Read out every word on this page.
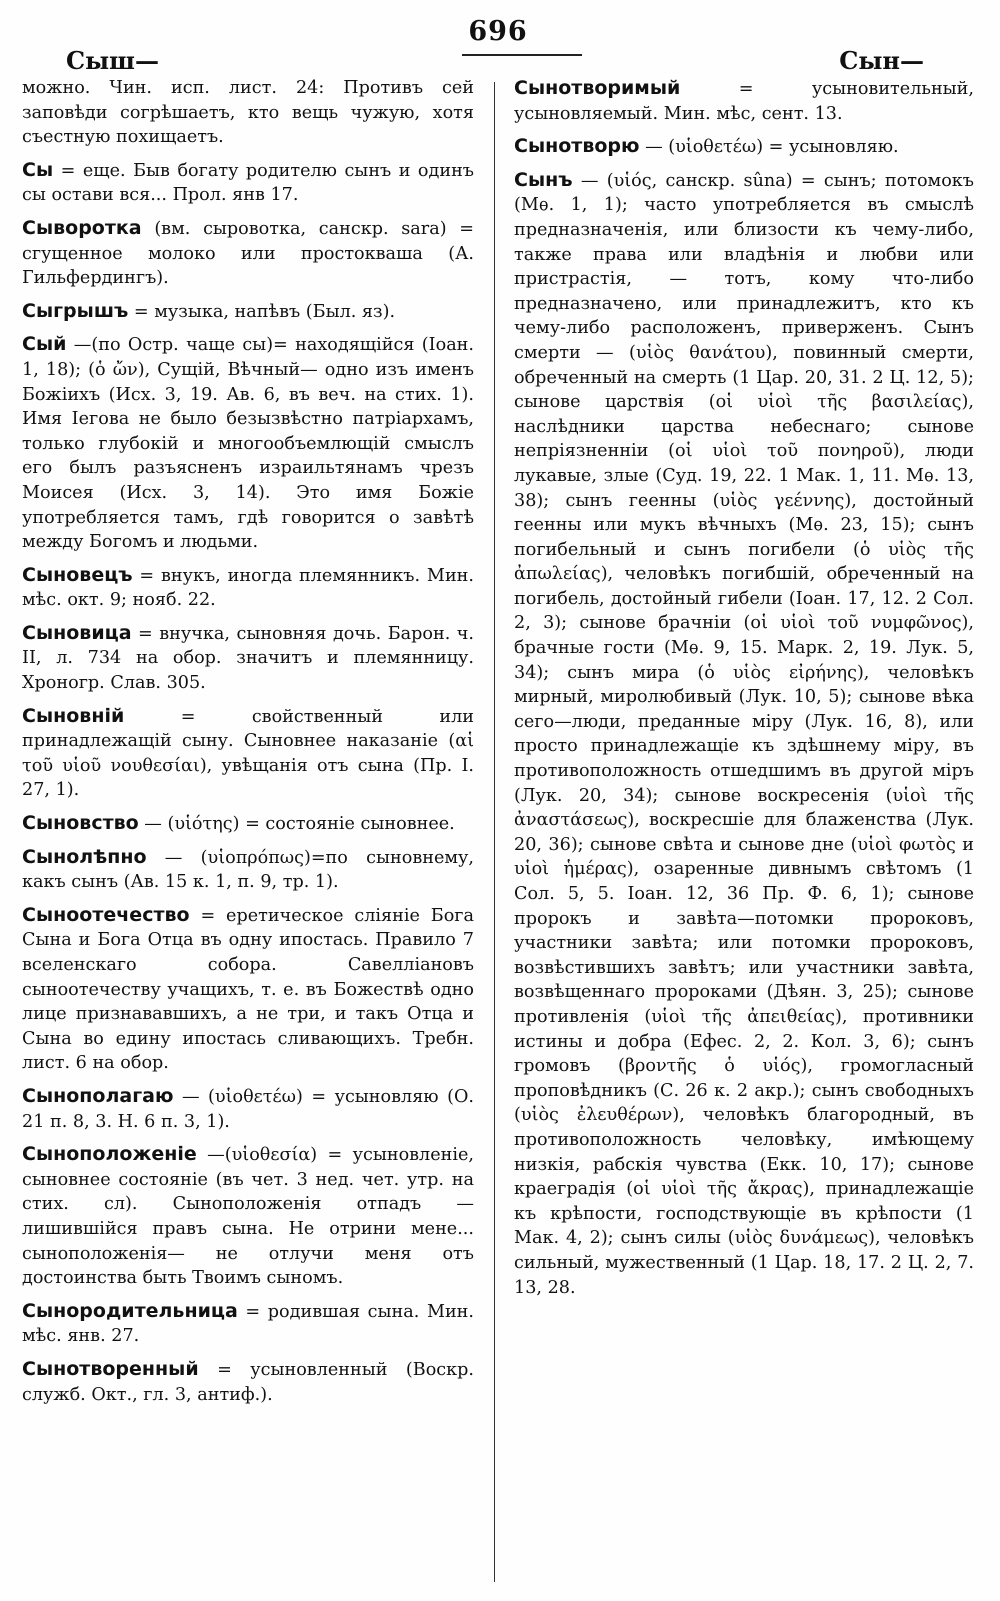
696
Сыш—	Сын—

можно. Чин. исп. лист. 24: Противъ сей заповѣди согрѣшаетъ, кто вещь чужую, хотя съестную похищаетъ.

Сы = еще. Быв богату родителю сынъ и одинъ сы остави вся... Прол. янв 17.

Сыворотка (вм. сыровотка, санскр. sara) = сгущенное молоко или простокваша (А. Гильфердингъ).

Сыгрышъ = музыка, напѣвъ (Был. яз).

Сый —(по Остр. чаще сы)= находящійся (Іоан. 1, 18); (ὁ ὤν), Сущій, Вѣчный— одно изъ именъ Божіихъ (Исх. 3, 19. Ав. 6, въ веч. на стих. 1). Имя Іегова не было безызвѣстно патріархамъ, только глубокій и многообъемлющій смыслъ его былъ разъясненъ израильтянамъ чрезъ Моисея (Исх. 3, 14). Это имя Божіе употребляется тамъ, гдѣ говорится о завѣтѣ между Богомъ и людьми.

Сыновецъ = внукъ, иногда племянникъ. Мин. мѣс. окт. 9; нояб. 22.

Сыновица = внучка, сыновняя дочь. Барон. ч. II, л. 734 на обор. значитъ и племянницу. Хроногр. Слав. 305.

Сыновній	= свойственный или принадлежащій сыну. Сыновнее наказаніе (αἱ τοῦ υἱοῦ νουθεσίαι), увѣщанія отъ сына (Пр. I. 27, 1).

Сыновство — (υἱότης) = состояніе сыновнее.

Сынолѣпно — (υἱοπρόπως)=по сыновнему, какъ сынъ (Ав. 15 к. 1, п. 9, тр. 1).

Сыноотечество = еретическое сліяніе Бога Сына и Бога Отца въ одну ипостась. Правило 7 вселенскаго собора. Савелліановъ сыноотечеству учащихъ, т. е. въ Божествѣ одно лице признававшихъ, а не три, и такъ Отца и Сына во едину ипостась сливающихъ. Требн. лист. 6 на обор.

Сынополагаю — (υἱοθετέω) = усыновляю (О. 21 п. 8, 3. Н. 6 п. 3, 1).

Сыноположеніе —(υἱοθεσία) = усыновленіе, сыновнее состояніе (въ чет. 3 нед. чет. утр. на стих. сл). Сыноположенія отпадъ — лишившійся правъ сына. Не отрини мене... сыноположенія— не отлучи меня отъ достоинства быть Твоимъ сыномъ.

Сынородительница = родившая сына. Мин. мѣс. янв. 27.

Сынотворенный = усыновленный (Воскр. служб. Окт., гл. 3, антиф.).

Сынотворимый	= усыновительный, усыновляемый. Мин. мѣс, сент. 13.

Сынотворю — (υἱοθετέω) = усыновляю.

Сынъ — (υἱός, санскр. sûna) = сынъ; потомокъ (Мѳ. 1, 1); часто употребляется въ смыслѣ предназначенія, или близости къ чему-либо, также права или владѣнія и любви или пристрастія, — тотъ, кому что-либо предназначено, или принадлежитъ, кто къ чему-либо расположенъ, приверженъ. Сынъ смерти — (υἱὸς θανάτου), повинный смерти, обреченный на смерть (1 Цар. 20, 31. 2 Ц. 12, 5); сынове царствія (οἱ υἱοὶ τῆς βασιλείας), наслѣдники царства небеснаго; сынове непріязненніи (οἱ υἱοὶ τοῦ πονηροῦ), люди лукавые, злые (Суд. 19, 22. 1 Мак. 1, 11. Мѳ. 13, 38); сынъ геенны (υἱὸς γεέννης), достойный геенны или мукъ вѣчныхъ (Мѳ. 23, 15); сынъ погибельный и сынъ погибели (ὁ υἱὸς τῆς ἀπωλείας), человѣкъ погибшій, обреченный на погибель, достойный гибели (Іоан. 17, 12. 2 Сол. 2, 3); сынове брачніи (οἱ υἱοὶ τοῦ νυμφῶνος), брачные гости (Мѳ. 9, 15. Марк. 2, 19. Лук. 5, 34); сынъ мира (ὁ υἱὸς εἰρήνης), человѣкъ мирный, миролюбивый (Лук. 10, 5); сынове вѣка сего—люди, преданные міру (Лук. 16, 8), или просто принадлежащіе къ здѣшнему міру, въ противоположность отшедшимъ въ другой міръ (Лук. 20, 34); сынове воскресенія (υἱοὶ τῆς ἀναστάσεως), воскресшіе для блаженства (Лук. 20, 36); сынове свѣта и сынове дне (υἱοὶ φωτὸς и υἱοὶ ἡμέρας), озаренные дивнымъ свѣтомъ (1 Сол. 5, 5. Іоан. 12, 36 Пр. Ф. 6, 1); сынове пророкъ и завѣта—потомки пророковъ, участники завѣта; или потомки пророковъ, возвѣстившихъ завѣтъ; или участники завѣта, возвѣщеннаго пророками (Дѣян. 3, 25); сынове противленія (υἱοὶ τῆς ἀπειθείας), противники истины и добра (Ефес. 2, 2. Кол. 3, 6); сынъ громовъ (βροντῆς ὁ υἱός), громогласный проповѣдникъ (С. 26 к. 2 акр.); сынъ свободныхъ (υἱὸς ἐλευθέρων), человѣкъ благородный, въ противоположность человѣку, имѣющему низкія, рабскія чувства (Екк. 10, 17); сынове краеградія (οἱ υἱοὶ τῆς ἄκρας), принадлежащіе къ крѣпости, господствующіе въ крѣпости (1 Мак. 4, 2); сынъ силы (υἱὸς δυνάμεως), человѣкъ сильный, мужественный (1 Цар. 18, 17. 2 Ц. 2, 7. 13, 28.
